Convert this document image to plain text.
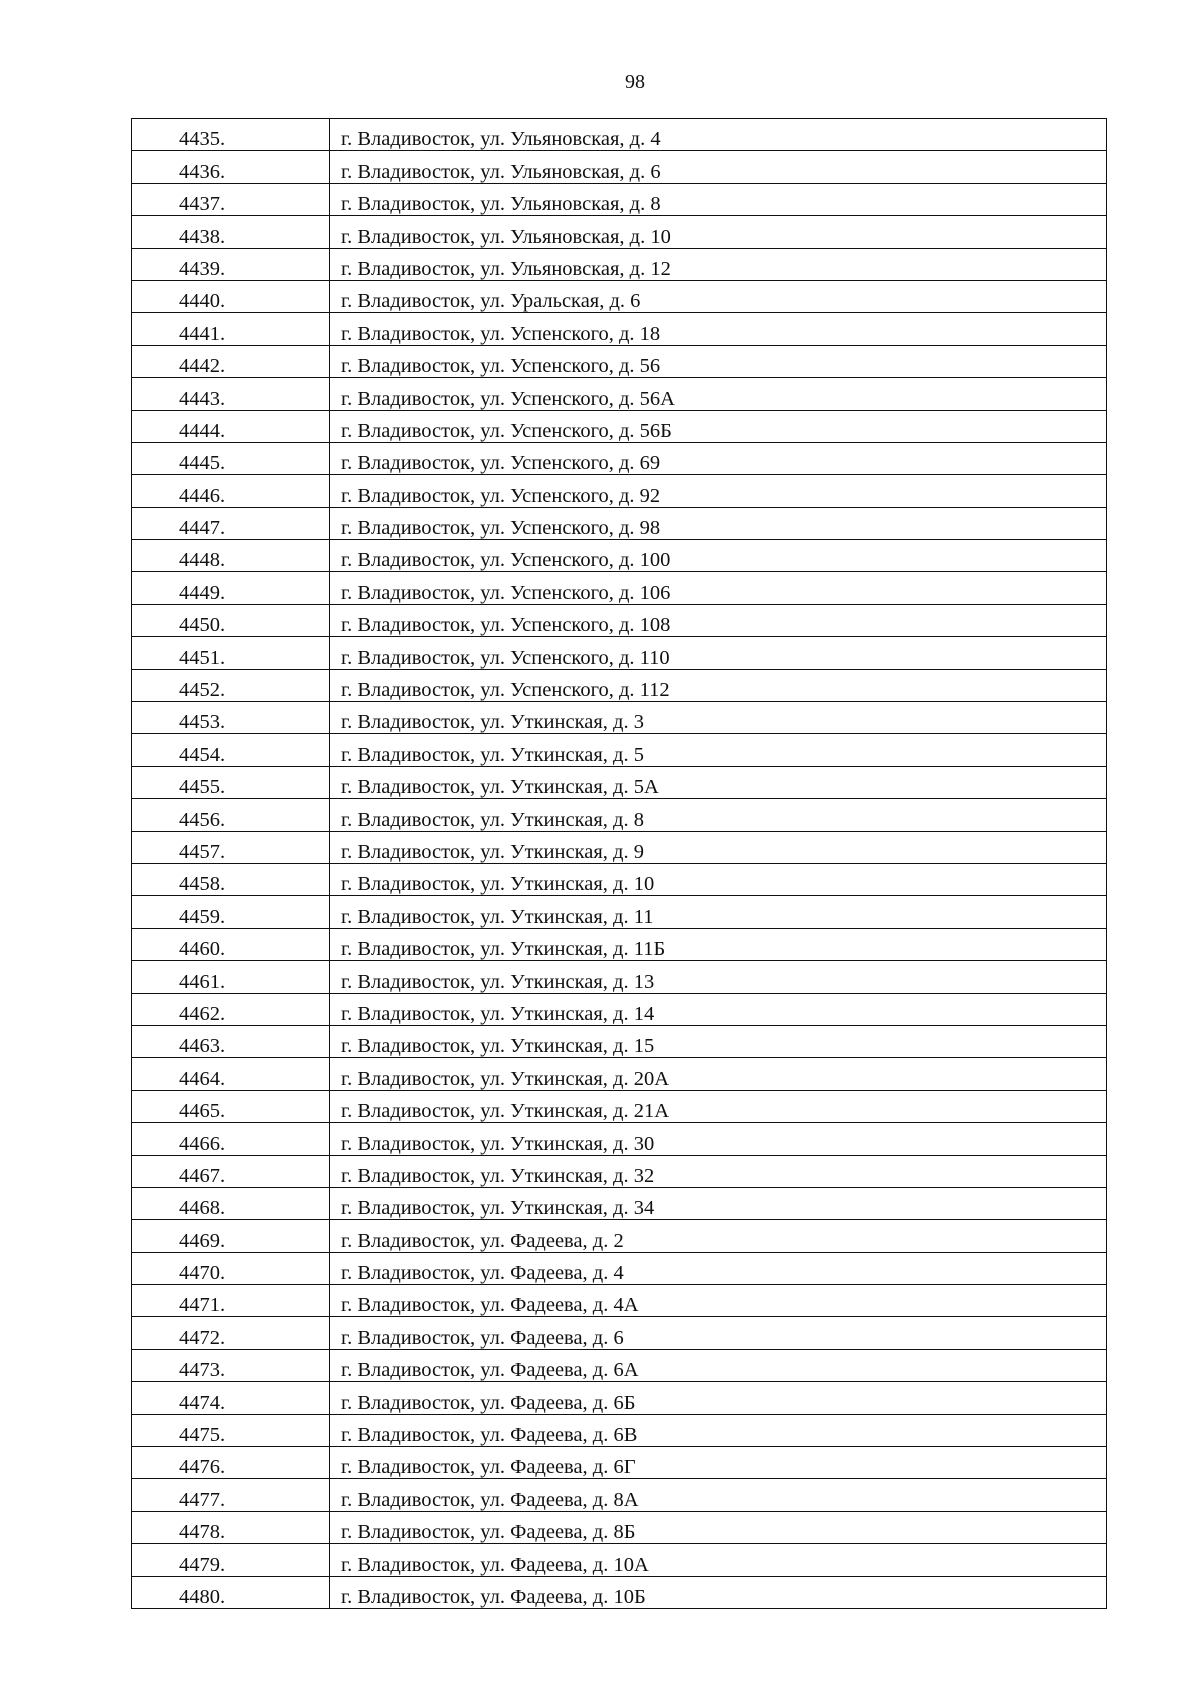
98
4435.	г. Владивосток, ул. Ульяновская, д. 4
4436.	г. Владивосток, ул. Ульяновская, д. 6
4437.	г. Владивосток, ул. Ульяновская, д. 8
4438.	г. Владивосток, ул. Ульяновская, д. 10
4439.	г. Владивосток, ул. Ульяновская, д. 12
4440.	г. Владивосток, ул. Уральская, д. 6
4441.	г. Владивосток, ул. Успенского, д. 18
4442.	г. Владивосток, ул. Успенского, д. 56
4443.	г. Владивосток, ул. Успенского, д. 56А
4444.	г. Владивосток, ул. Успенского, д. 56Б
4445.	г. Владивосток, ул. Успенского, д. 69
4446.	г. Владивосток, ул. Успенского, д. 92
4447.	г. Владивосток, ул. Успенского, д. 98
4448.	г. Владивосток, ул. Успенского, д. 100
4449.	г. Владивосток, ул. Успенского, д. 106
4450.	г. Владивосток, ул. Успенского, д. 108
4451.	г. Владивосток, ул. Успенского, д. 110
4452.	г. Владивосток, ул. Успенского, д. 112
4453.	г. Владивосток, ул. Уткинская, д. 3
4454.	г. Владивосток, ул. Уткинская, д. 5
4455.	г. Владивосток, ул. Уткинская, д. 5А
4456.	г. Владивосток, ул. Уткинская, д. 8
4457.	г. Владивосток, ул. Уткинская, д. 9
4458.	г. Владивосток, ул. Уткинская, д. 10
4459.	г. Владивосток, ул. Уткинская, д. 11
4460.	г. Владивосток, ул. Уткинская, д. 11Б
4461.	г. Владивосток, ул. Уткинская, д. 13
4462.	г. Владивосток, ул. Уткинская, д. 14
4463.	г. Владивосток, ул. Уткинская, д. 15
4464.	г. Владивосток, ул. Уткинская, д. 20А
4465.	г. Владивосток, ул. Уткинская, д. 21А
4466.	г. Владивосток, ул. Уткинская, д. 30
4467.	г. Владивосток, ул. Уткинская, д. 32
4468.	г. Владивосток, ул. Уткинская, д. 34
4469.	г. Владивосток, ул. Фадеева, д. 2
4470.	г. Владивосток, ул. Фадеева, д. 4
4471.	г. Владивосток, ул. Фадеева, д. 4А
4472.	г. Владивосток, ул. Фадеева, д. 6
4473.	г. Владивосток, ул. Фадеева, д. 6А
4474.	г. Владивосток, ул. Фадеева, д. 6Б
4475.	г. Владивосток, ул. Фадеева, д. 6В
4476.	г. Владивосток, ул. Фадеева, д. 6Г
4477.	г. Владивосток, ул. Фадеева, д. 8А
4478.	г. Владивосток, ул. Фадеева, д. 8Б
4479.	г. Владивосток, ул. Фадеева, д. 10А
4480.	г. Владивосток, ул. Фадеева, д. 10Б
